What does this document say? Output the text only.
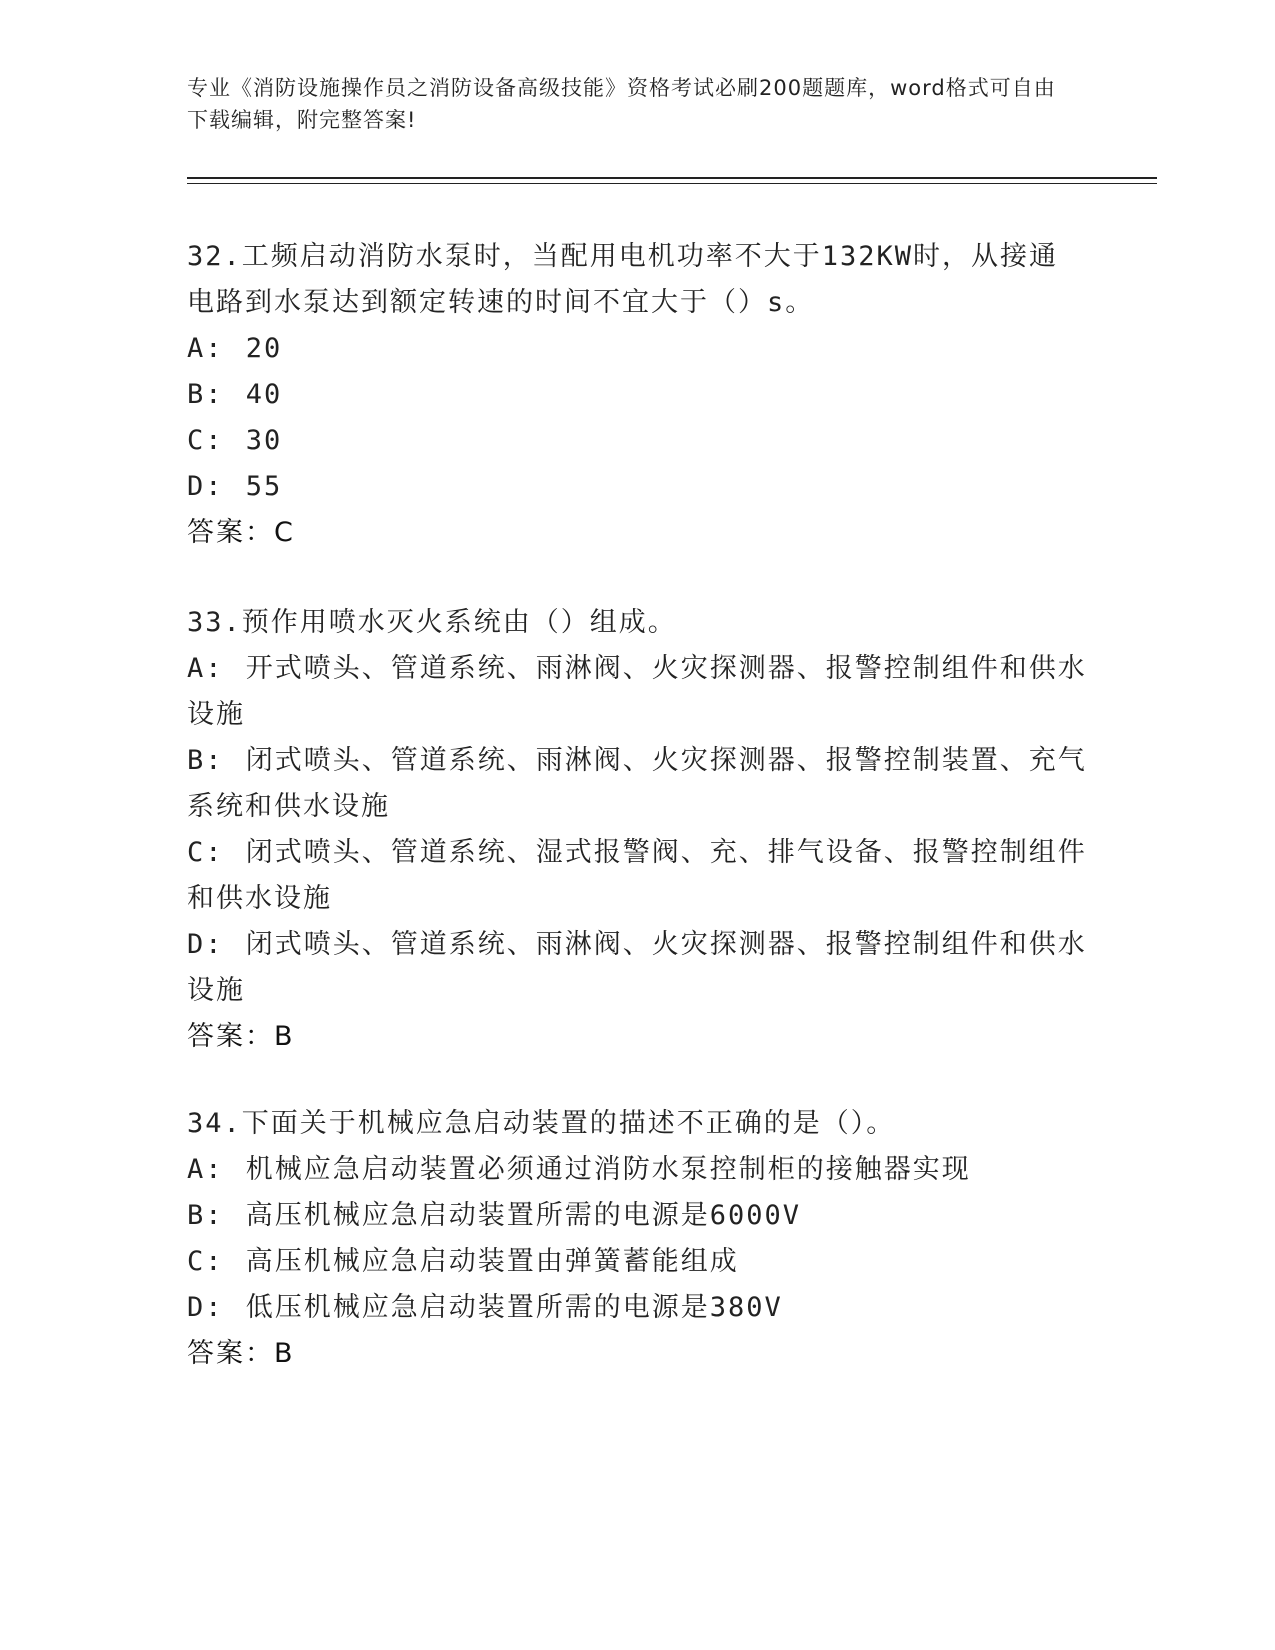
专业《消防设施操作员之消防设备高级技能》资格考试必刷200题题库，word格式可自由下载编辑，附完整答案!

32.工频启动消防水泵时，当配用电机功率不大于132KW时，从接通电路到水泵达到额定转速的时间不宜大于（）s。

A: 20

B: 40

C: 30

D: 55

答案：C

33.预作用喷水灭火系统由（）组成。

A: 开式喷头、管道系统、雨淋阀、火灾探测器、报警控制组件和供水设施

B: 闭式喷头、管道系统、雨淋阀、火灾探测器、报警控制装置、充气系统和供水设施

C: 闭式喷头、管道系统、湿式报警阀、充、排气设备、报警控制组件和供水设施

D: 闭式喷头、管道系统、雨淋阀、火灾探测器、报警控制组件和供水设施

答案：B

34.下面关于机械应急启动装置的描述不正确的是（）。

A: 机械应急启动装置必须通过消防水泵控制柜的接触器实现

B: 高压机械应急启动装置所需的电源是6000V

C: 高压机械应急启动装置由弹簧蓄能组成

D: 低压机械应急启动装置所需的电源是380V

答案：B
